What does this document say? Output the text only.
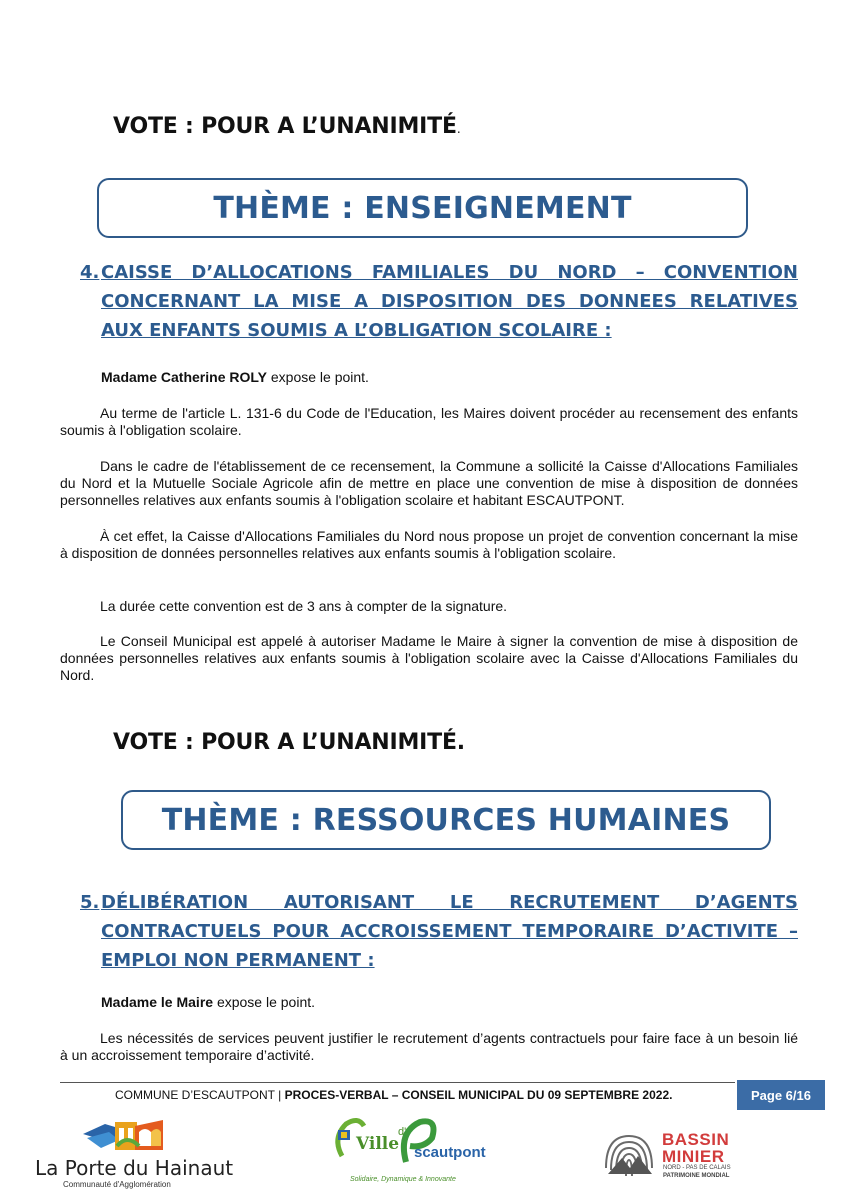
VOTE : POUR A L’UNANIMITÉ.
THÈME : ENSEIGNEMENT
4. CAISSE D’ALLOCATIONS FAMILIALES DU NORD – CONVENTION CONCERNANT LA MISE A DISPOSITION DES DONNEES RELATIVES AUX ENFANTS SOUMIS A L’OBLIGATION SCOLAIRE :
Madame Catherine ROLY expose le point.
Au terme de l'article L. 131-6 du Code de l'Education, les Maires doivent procéder au recensement des enfants soumis à l'obligation scolaire.
Dans le cadre de l'établissement de ce recensement, la Commune a sollicité la Caisse d'Allocations Familiales du Nord et la Mutuelle Sociale Agricole afin de mettre en place une convention de mise à disposition de données personnelles relatives aux enfants soumis à l'obligation scolaire et habitant ESCAUTPONT.
À cet effet, la Caisse d'Allocations Familiales du Nord nous propose un projet de convention concernant la mise à disposition de données personnelles relatives aux enfants soumis à l'obligation scolaire.
La durée cette convention est de 3 ans à compter de la signature.
Le Conseil Municipal est appelé à autoriser Madame le Maire à signer la convention de mise à disposition de données personnelles relatives aux enfants soumis à l'obligation scolaire avec la Caisse d'Allocations Familiales du Nord.
VOTE : POUR A L’UNANIMITÉ.
THÈME : RESSOURCES HUMAINES
5. DÉLIBÉRATION AUTORISANT LE RECRUTEMENT D’AGENTS CONTRACTUELS POUR ACCROISSEMENT TEMPORAIRE D’ACTIVITE – EMPLOI NON PERMANENT :
Madame le Maire expose le point.
Les nécessités de services peuvent justifier le recrutement d’agents contractuels pour faire face à un besoin lié à un accroissement temporaire d’activité.
COMMUNE D’ESCAUTPONT | PROCES-VERBAL – CONSEIL MUNICIPAL DU 09 SEPTEMBRE 2022.	Page 6/16
La Porte du Hainaut
Communauté d'Agglomération
Ville
d'
scautpont
Solidaire, Dynamique & Innovante
BASSIN
MINIER
NORD - PAS DE CALAIS
PATRIMOINE MONDIAL
